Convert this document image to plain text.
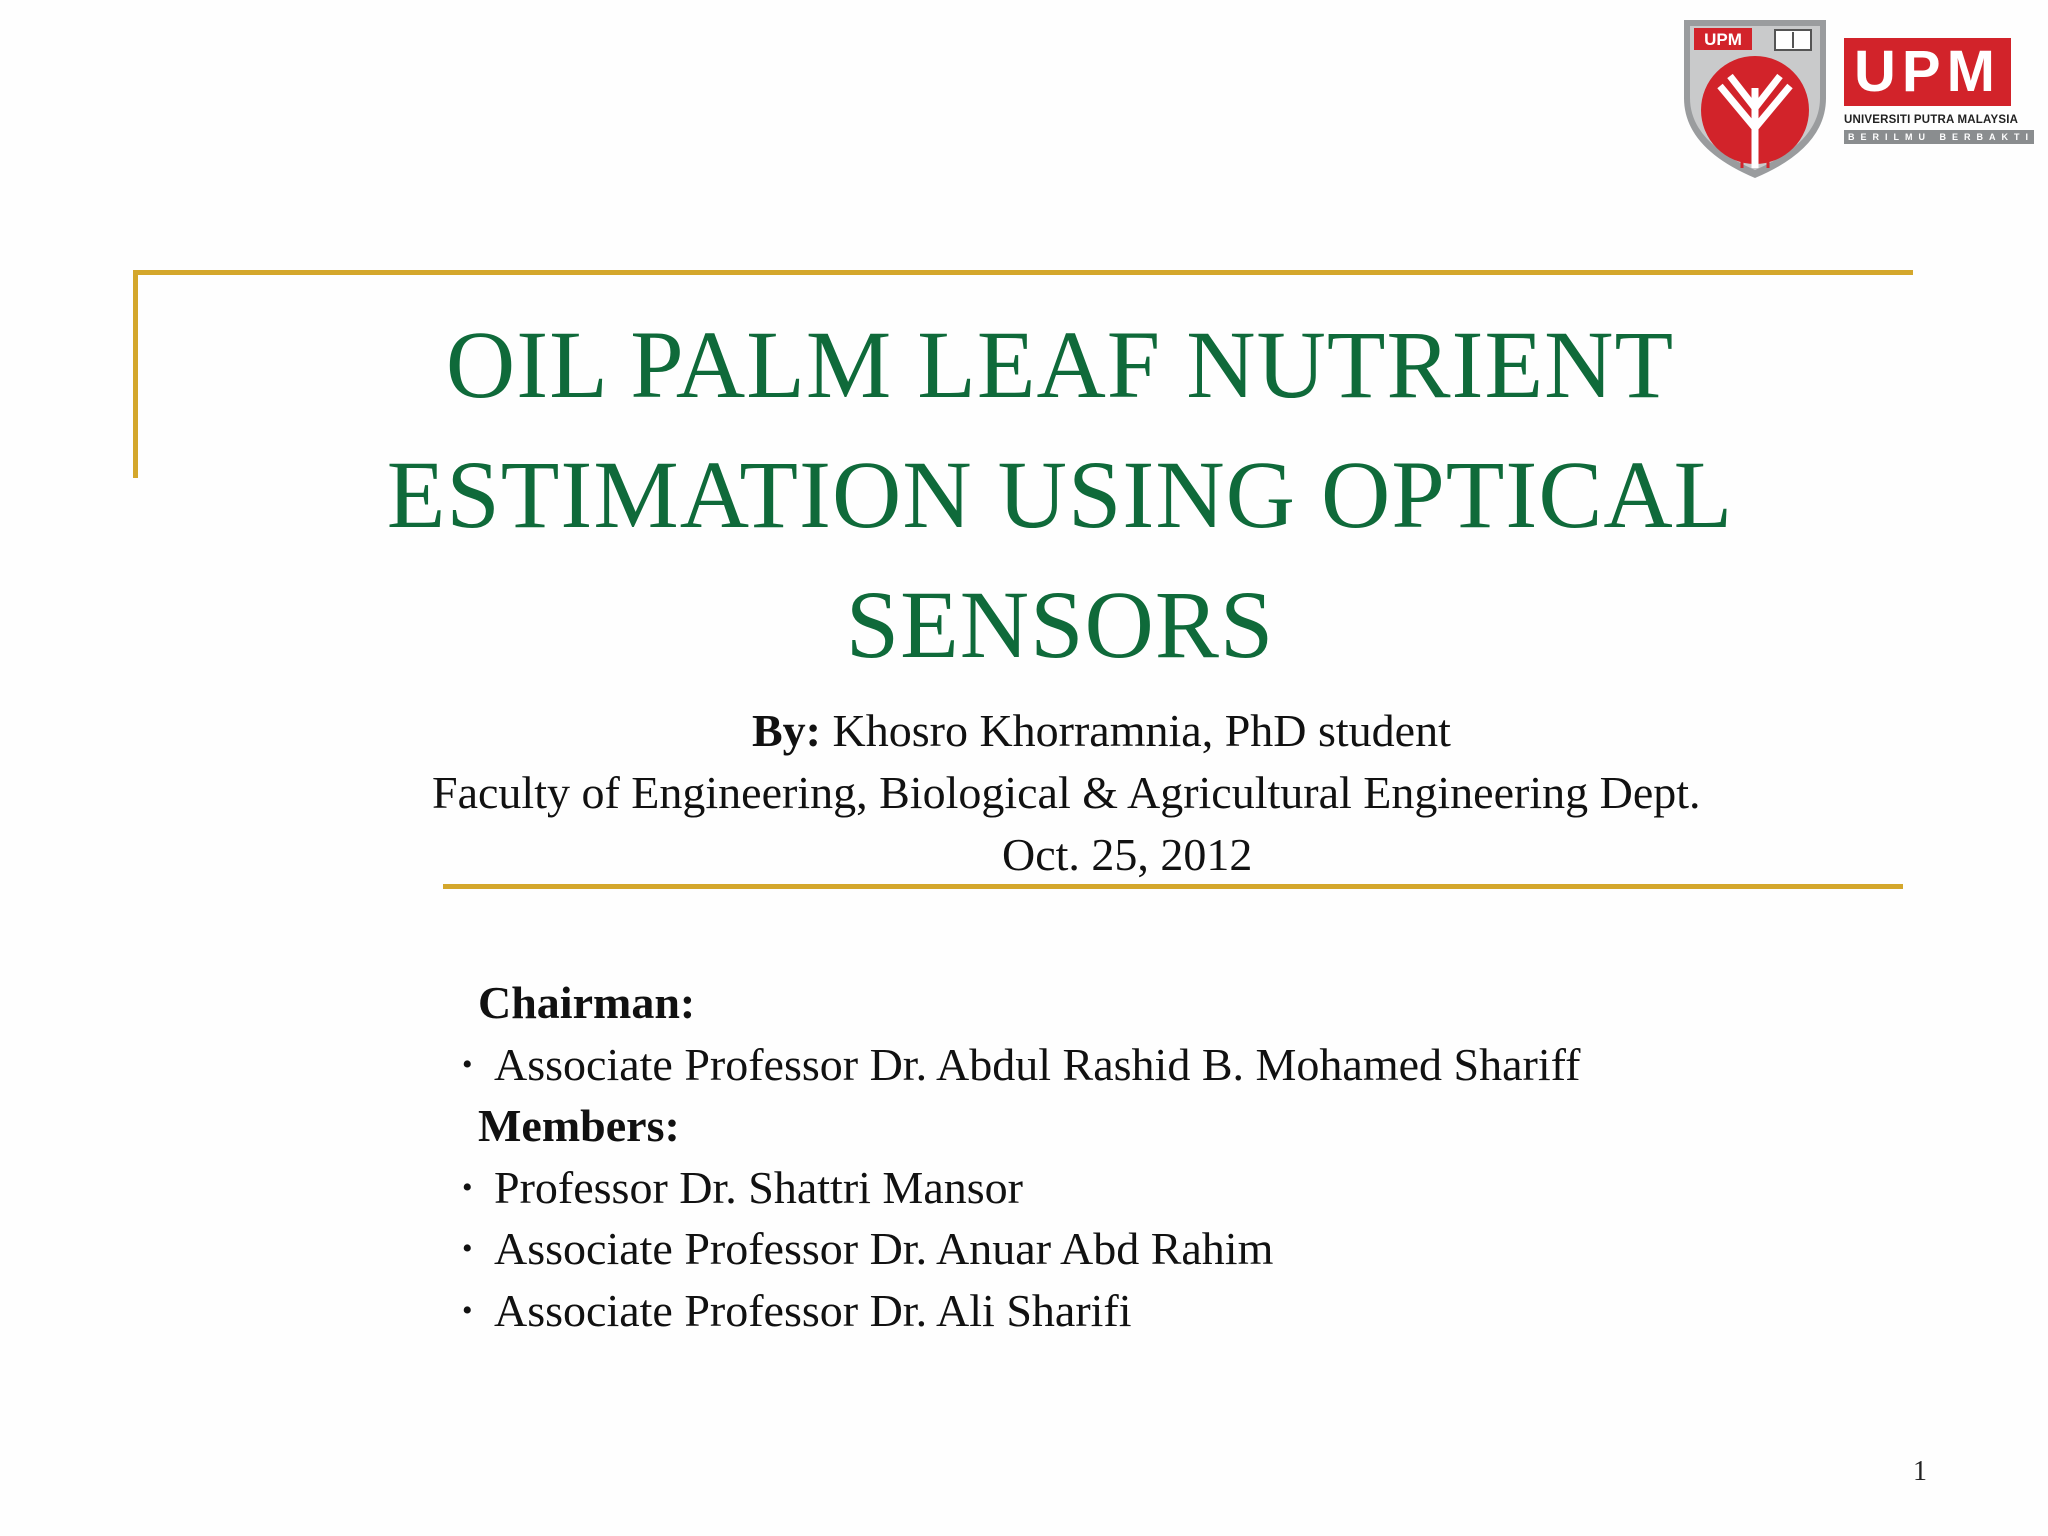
UPM UPM
UNIVERSITI PUTRA MALAYSIA
BERILMU BERBAKTI
OIL PALM LEAF NUTRIENT
ESTIMATION USING OPTICAL
SENSORS
By: Khosro Khorramnia, PhD student
Faculty of Engineering, Biological & Agricultural Engineering Dept.
Oct. 25, 2012
Chairman:
• Associate Professor Dr. Abdul Rashid B. Mohamed Shariff
Members:
• Professor Dr. Shattri Mansor
• Associate Professor Dr. Anuar Abd Rahim
• Associate Professor Dr. Ali Sharifi
1
